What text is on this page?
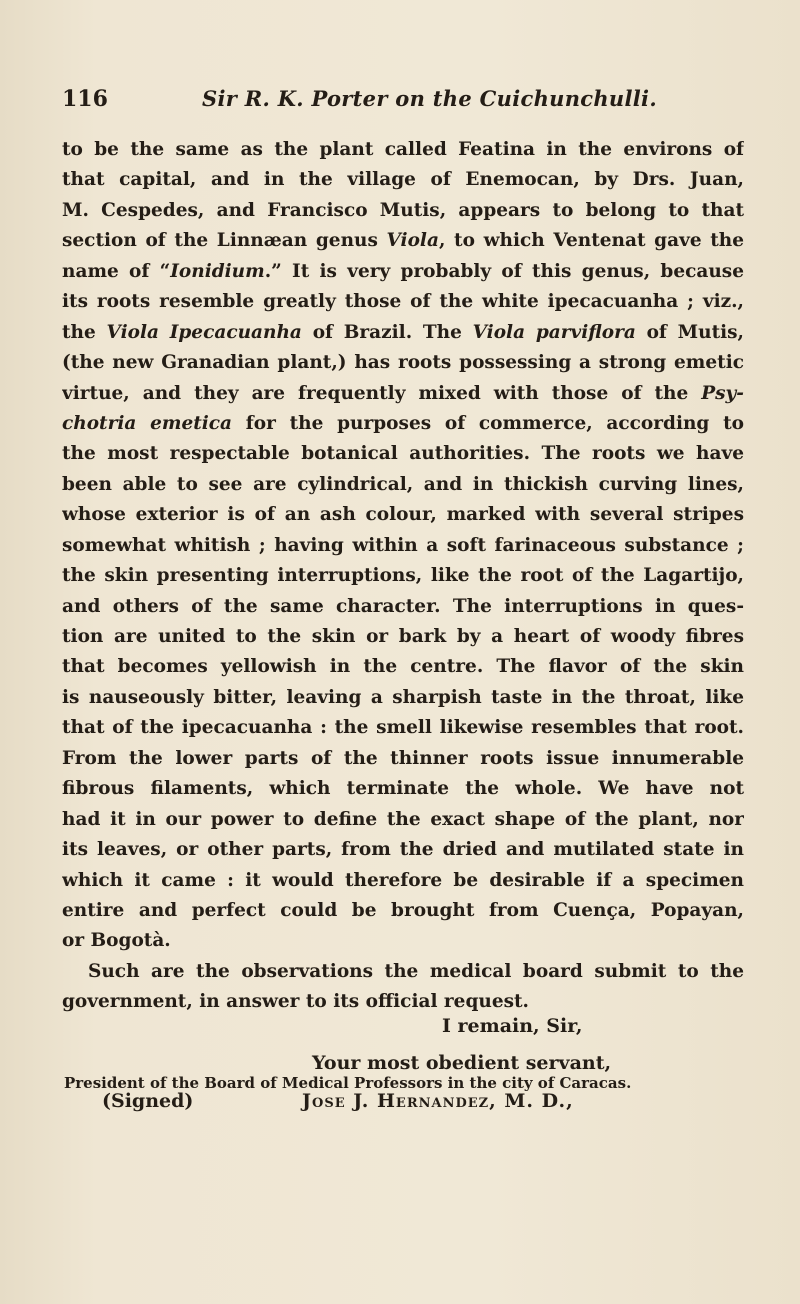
116	Sir R. K. Porter on the Cuichunchulli.
to be the same as the plant called Featina in the environs of
that capital, and in the village of Enemocan, by Drs. Juan,
M. Cespedes, and Francisco Mutis, appears to belong to that
section of the Linnæan genus Viola, to which Ventenat gave the
name of “Ionidium.” It is very probably of this genus, because
its roots resemble greatly those of the white ipecacuanha ; viz.,
the Viola Ipecacuanha of Brazil. The Viola parviflora of Mutis,
(the new Granadian plant,) has roots possessing a strong emetic
virtue, and they are frequently mixed with those of the Psy-
chotria emetica for the purposes of commerce, according to
the most respectable botanical authorities. The roots we have
been able to see are cylindrical, and in thickish curving lines,
whose exterior is of an ash colour, marked with several stripes
somewhat whitish ; having within a soft farinaceous substance ;
the skin presenting interruptions, like the root of the Lagartijo,
and others of the same character. The interruptions in ques-
tion are united to the skin or bark by a heart of woody fibres
that becomes yellowish in the centre. The flavor of the skin
is nauseously bitter, leaving a sharpish taste in the throat, like
that of the ipecacuanha : the smell likewise resembles that root.
From the lower parts of the thinner roots issue innumerable
fibrous filaments, which terminate the whole. We have not
had it in our power to define the exact shape of the plant, nor
its leaves, or other parts, from the dried and mutilated state in
which it came : it would therefore be desirable if a specimen
entire and perfect could be brought from Cuença, Popayan,
or Bogotà.
Such are the observations the medical board submit to the
government, in answer to its official request.
I remain, Sir,
Your most obedient servant,
(Signed)	Jose J. Hernandez, M. D.,
President of the Board of Medical Professors in the city of Caracas.
